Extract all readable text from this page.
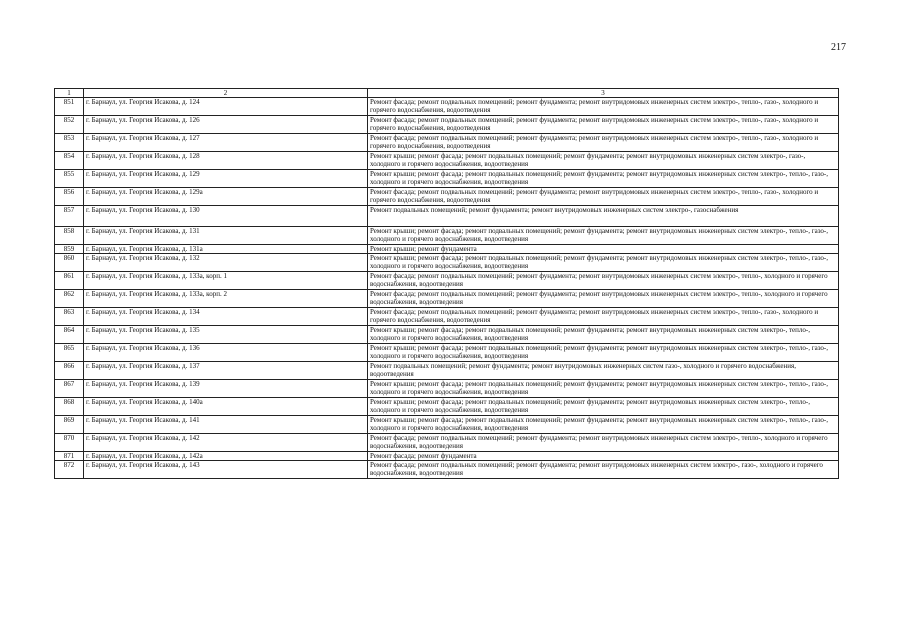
217
1	2	3
851	г. Барнаул, ул. Георгия Исакова, д. 124	Ремонт фасада; ремонт подвальных помещений; ремонт фундамента; ремонт внутридомовых инженерных систем электро-, тепло-, газо-, холодного и горячего водоснабжения, водоотведения
852	г. Барнаул, ул. Георгия Исакова, д. 126	Ремонт фасада; ремонт подвальных помещений; ремонт фундамента; ремонт внутридомовых инженерных систем электро-, тепло-, газо-, холодного и горячего водоснабжения, водоотведения
853	г. Барнаул, ул. Георгия Исакова, д. 127	Ремонт фасада; ремонт подвальных помещений; ремонт фундамента; ремонт внутридомовых инженерных систем электро-, тепло-, газо-, холодного и горячего водоснабжения, водоотведения
854	г. Барнаул, ул. Георгия Исакова, д. 128	Ремонт крыши; ремонт фасада; ремонт подвальных помещений; ремонт фундамента; ремонт внутридомовых инженерных систем электро-, газо-, холодного и горячего водоснабжения, водоотведения
855	г. Барнаул, ул. Георгия Исакова, д. 129	Ремонт крыши; ремонт фасада; ремонт подвальных помещений; ремонт фундамента; ремонт внутридомовых инженерных систем электро-, тепло-, газо-, холодного и горячего водоснабжения, водоотведения
856	г. Барнаул, ул. Георгия Исакова, д. 129а	Ремонт фасада; ремонт подвальных помещений; ремонт фундамента; ремонт внутридомовых инженерных систем электро-, тепло-, газо-, холодного и горячего водоснабжения, водоотведения
857	г. Барнаул, ул. Георгия Исакова, д. 130	Ремонт подвальных помещений; ремонт фундамента; ремонт внутридомовых инженерных систем электро-, газоснабжения
858	г. Барнаул, ул. Георгия Исакова, д. 131	Ремонт крыши; ремонт фасада; ремонт подвальных помещений; ремонт фундамента; ремонт внутридомовых инженерных систем электро-, тепло-, газо-, холодного и горячего водоснабжения, водоотведения
859	г. Барнаул, ул. Георгия Исакова, д. 131а	Ремонт крыши; ремонт фундамента
860	г. Барнаул, ул. Георгия Исакова, д. 132	Ремонт крыши; ремонт фасада; ремонт подвальных помещений; ремонт фундамента; ремонт внутридомовых инженерных систем электро-, тепло-, газо-, холодного и горячего водоснабжения, водоотведения
861	г. Барнаул, ул. Георгия Исакова, д. 133а, корп. 1	Ремонт фасада; ремонт подвальных помещений; ремонт фундамента; ремонт внутридомовых инженерных систем электро-, тепло-, холодного и горячего водоснабжения, водоотведения
862	г. Барнаул, ул. Георгия Исакова, д. 133а, корп. 2	Ремонт фасада; ремонт подвальных помещений; ремонт фундамента; ремонт внутридомовых инженерных систем электро-, тепло-, холодного и горячего водоснабжения, водоотведения
863	г. Барнаул, ул. Георгия Исакова, д. 134	Ремонт фасада; ремонт подвальных помещений; ремонт фундамента; ремонт внутридомовых инженерных систем электро-, тепло-, газо-, холодного и горячего водоснабжения, водоотведения
864	г. Барнаул, ул. Георгия Исакова, д. 135	Ремонт крыши; ремонт фасада; ремонт подвальных помещений; ремонт фундамента; ремонт внутридомовых инженерных систем электро-, тепло-, холодного и горячего водоснабжения, водоотведения
865	г. Барнаул, ул. Георгия Исакова, д. 136	Ремонт крыши; ремонт фасада; ремонт подвальных помещений; ремонт фундамента; ремонт внутридомовых инженерных систем электро-, тепло-, газо-, холодного и горячего водоснабжения, водоотведения
866	г. Барнаул, ул. Георгия Исакова, д. 137	Ремонт подвальных помещений; ремонт фундамента; ремонт внутридомовых инженерных систем газо-, холодного и горячего водоснабжения, водоотведения
867	г. Барнаул, ул. Георгия Исакова, д. 139	Ремонт крыши; ремонт фасада; ремонт подвальных помещений; ремонт фундамента; ремонт внутридомовых инженерных систем электро-, тепло-, газо-, холодного и горячего водоснабжения, водоотведения
868	г. Барнаул, ул. Георгия Исакова, д. 140а	Ремонт крыши; ремонт фасада; ремонт подвальных помещений; ремонт фундамента; ремонт внутридомовых инженерных систем электро-, тепло-, холодного и горячего водоснабжения, водоотведения
869	г. Барнаул, ул. Георгия Исакова, д. 141	Ремонт крыши; ремонт фасада; ремонт подвальных помещений; ремонт фундамента; ремонт внутридомовых инженерных систем электро-, тепло-, газо-, холодного и горячего водоснабжения, водоотведения
870	г. Барнаул, ул. Георгия Исакова, д. 142	Ремонт фасада; ремонт подвальных помещений; ремонт фундамента; ремонт внутридомовых инженерных систем электро-, тепло-, холодного и горячего водоснабжения, водоотведения
871	г. Барнаул, ул. Георгия Исакова, д. 142а	Ремонт фасада; ремонт фундамента
872	г. Барнаул, ул. Георгия Исакова, д. 143	Ремонт фасада; ремонт подвальных помещений; ремонт фундамента; ремонт внутридомовых инженерных систем электро-, газо-, холодного и горячего водоснабжения, водоотведения
